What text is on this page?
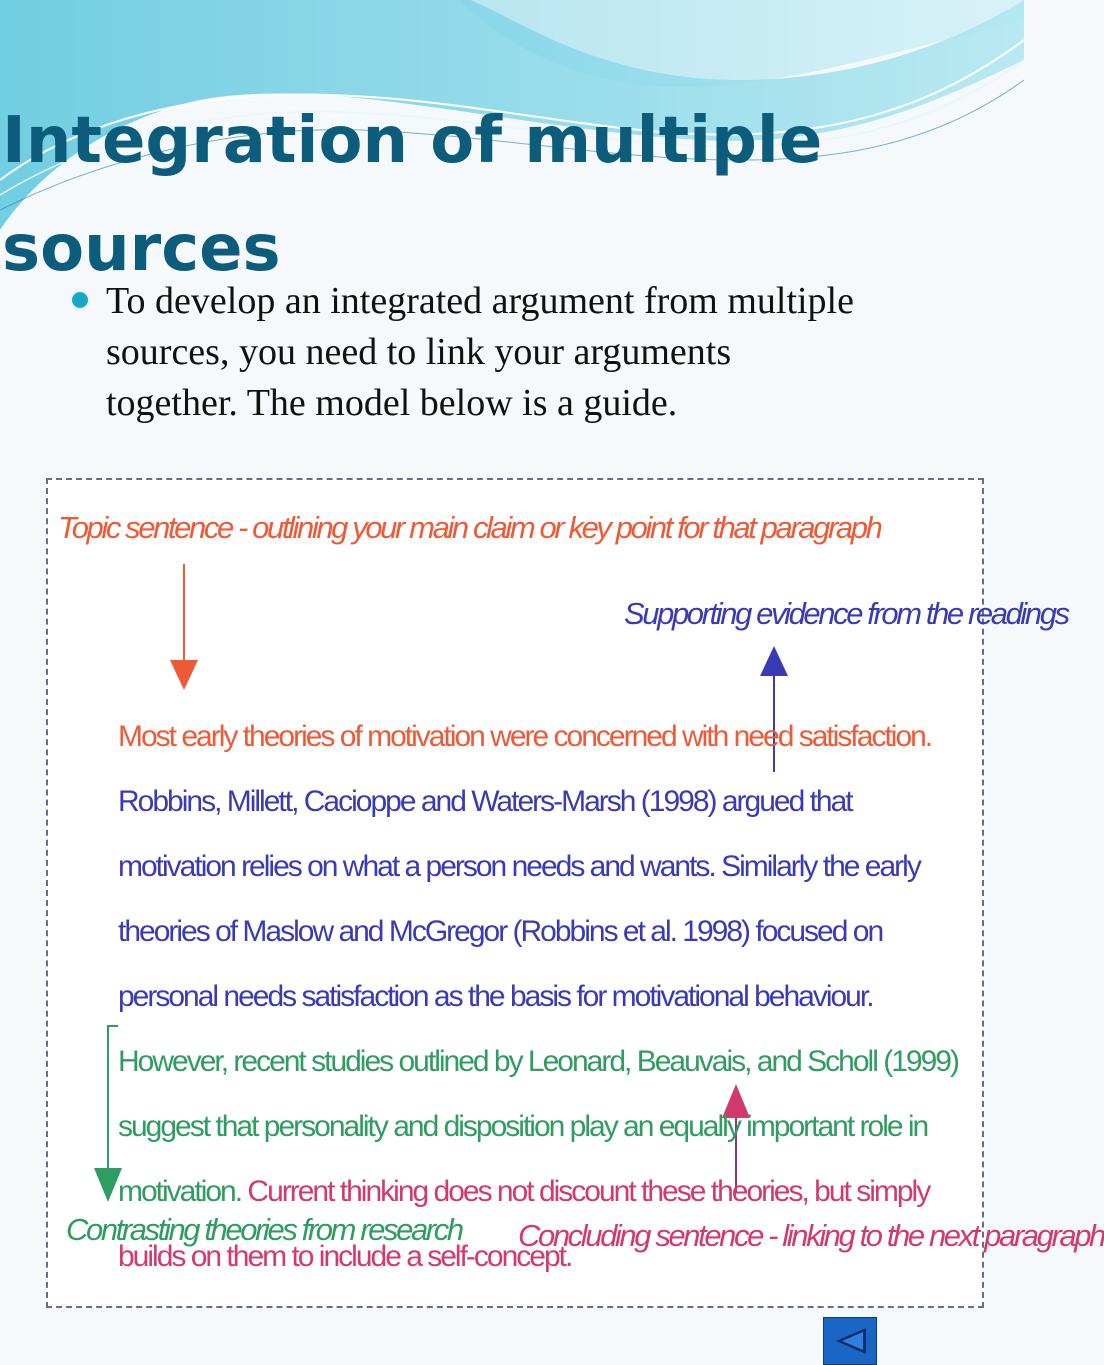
Integration of multiple sources

To develop an integrated argument from multiple sources, you need to link your arguments together. The model below is a guide.

Topic sentence - outlining your main claim or key point for that paragraph

Supporting evidence from the readings

Most early theories of motivation were concerned with need satisfaction. Robbins, Millett, Cacioppe and Waters-Marsh (1998) argued that motivation relies on what a person needs and wants. Similarly the early theories of Maslow and McGregor (Robbins et al. 1998) focused on personal needs satisfaction as the basis for motivational behaviour. However, recent studies outlined by Leonard, Beauvais, and Scholl (1999) suggest that personality and disposition play an equally important role in motivation. Current thinking does not discount these theories, but simply builds on them to include a self-concept.

Contrasting theories from research Concluding sentence - linking to the next paragraph
